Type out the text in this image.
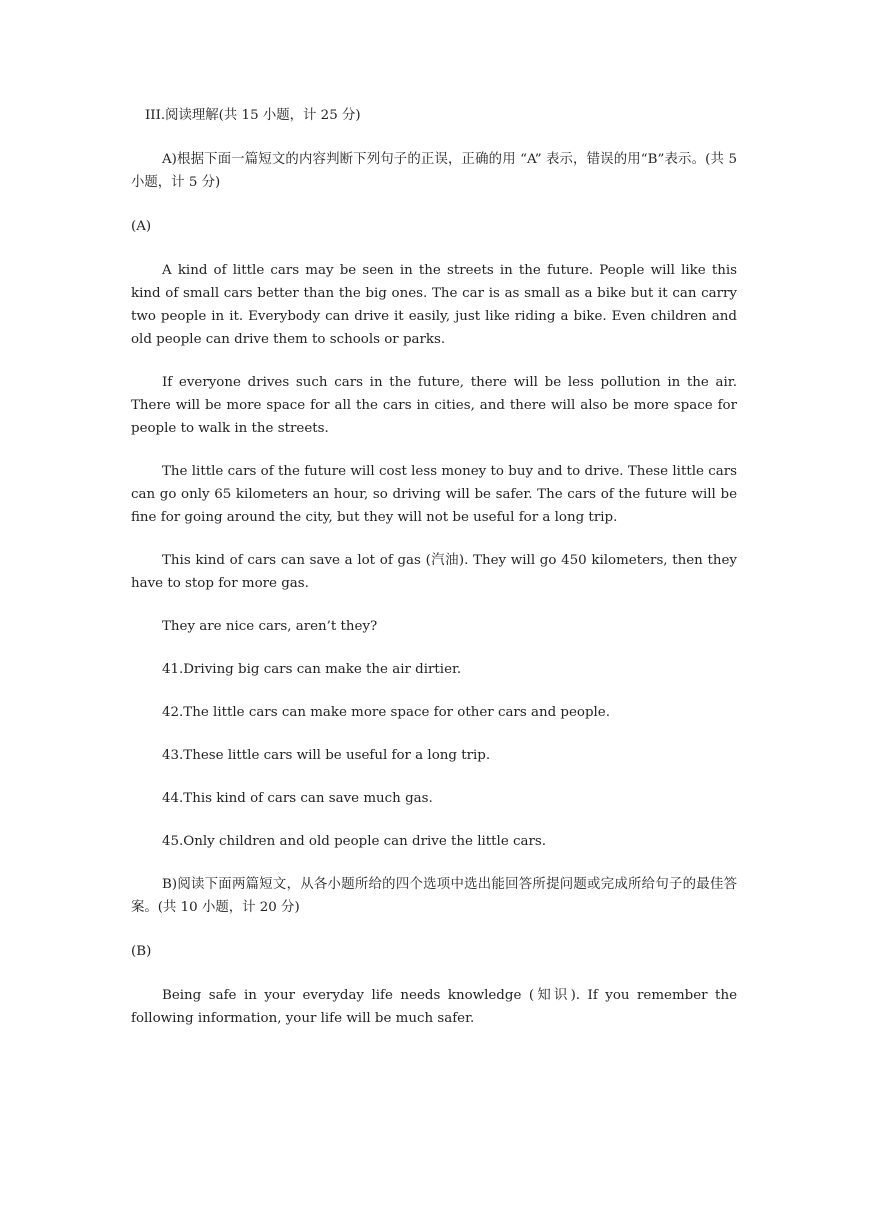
III.阅读理解(共 15 小题，计 25 分)

A)根据下面一篇短文的内容判断下列句子的正误，正确的用 “A” 表示，错误的用“B”表示。(共 5 小题，计 5 分)

(A)

A kind of little cars may be seen in the streets in the future. People will like this kind of small cars better than the big ones. The car is as small as a bike but it can carry two people in it. Everybody can drive it easily, just like riding a bike. Even children and old people can drive them to schools or parks.

If everyone drives such cars in the future, there will be less pollution in the air. There will be more space for all the cars in cities, and there will also be more space for people to walk in the streets.

The little cars of the future will cost less money to buy and to drive. These little cars can go only 65 kilometers an hour, so driving will be safer. The cars of the future will be fine for going around the city, but they will not be useful for a long trip.

This kind of cars can save a lot of gas (汽油). They will go 450 kilometers, then they have to stop for more gas.

They are nice cars, aren’t they?

41.Driving big cars can make the air dirtier.

42.The little cars can make more space for other cars and people.

43.These little cars will be useful for a long trip.

44.This kind of cars can save much gas.

45.Only children and old people can drive the little cars.

B)阅读下面两篇短文，从各小题所给的四个选项中选出能回答所提问题或完成所给句子的最佳答案。(共 10 小题，计 20 分)

(B)

Being safe in your everyday life needs knowledge (知识). If you remember the following information, your life will be much safer.
